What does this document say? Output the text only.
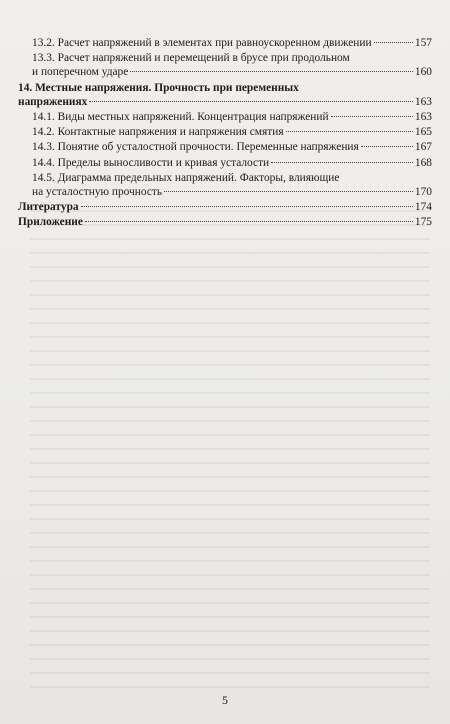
13.2. Расчет напряжений в элементах при равноускоренном движении	157
13.3. Расчет напряжений и перемещений в брусе при продольном
и поперечном ударе	160
14. Местные напряжения. Прочность при переменных
напряжениях	163
14.1. Виды местных напряжений. Концентрация напряжений	163
14.2. Контактные напряжения и напряжения смятия	165
14.3. Понятие об усталостной прочности. Переменные напряжения	167
14.4. Пределы выносливости и кривая усталости	168
14.5. Диаграмма предельных напряжений. Факторы, влияющие
на усталостную прочность	170
Литература	174
Приложение	175
5
